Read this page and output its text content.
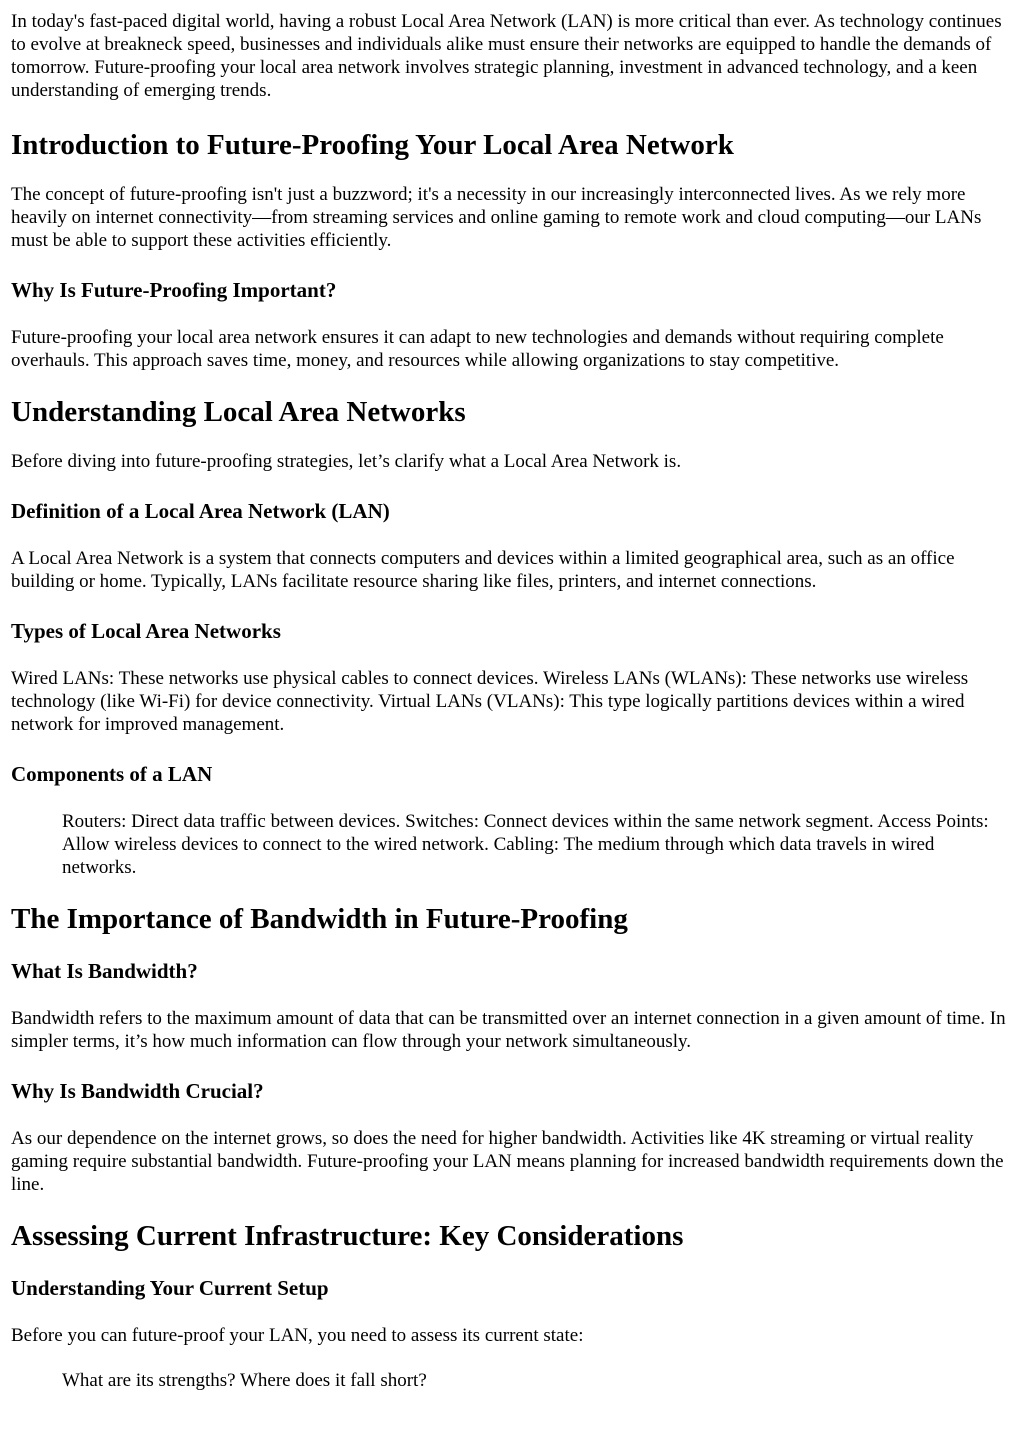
In today's fast-paced digital world, having a robust Local Area Network (LAN) is more critical than ever. As technology continues to evolve at breakneck speed, businesses and individuals alike must ensure their networks are equipped to handle the demands of tomorrow. Future-proofing your local area network involves strategic planning, investment in advanced technology, and a keen understanding of emerging trends.

Introduction to Future-Proofing Your Local Area Network

The concept of future-proofing isn't just a buzzword; it's a necessity in our increasingly interconnected lives. As we rely more heavily on internet connectivity—from streaming services and online gaming to remote work and cloud computing—our LANs must be able to support these activities efficiently.

Why Is Future-Proofing Important?

Future-proofing your local area network ensures it can adapt to new technologies and demands without requiring complete overhauls. This approach saves time, money, and resources while allowing organizations to stay competitive.

Understanding Local Area Networks

Before diving into future-proofing strategies, let’s clarify what a Local Area Network is.

Definition of a Local Area Network (LAN)

A Local Area Network is a system that connects computers and devices within a limited geographical area, such as an office building or home. Typically, LANs facilitate resource sharing like files, printers, and internet connections.

Types of Local Area Networks

Wired LANs: These networks use physical cables to connect devices. Wireless LANs (WLANs): These networks use wireless technology (like Wi-Fi) for device connectivity. Virtual LANs (VLANs): This type logically partitions devices within a wired network for improved management.

Components of a LAN
Routers: Direct data traffic between devices. Switches: Connect devices within the same network segment. Access Points: Allow wireless devices to connect to the wired network. Cabling: The medium through which data travels in wired networks.
The Importance of Bandwidth in Future-Proofing
What Is Bandwidth?

Bandwidth refers to the maximum amount of data that can be transmitted over an internet connection in a given amount of time. In simpler terms, it’s how much information can flow through your network simultaneously.

Why Is Bandwidth Crucial?

As our dependence on the internet grows, so does the need for higher bandwidth. Activities like 4K streaming or virtual reality gaming require substantial bandwidth. Future-proofing your LAN means planning for increased bandwidth requirements down the line.

Assessing Current Infrastructure: Key Considerations
Understanding Your Current Setup

Before you can future-proof your LAN, you need to assess its current state:

What are its strengths? Where does it fall short?
